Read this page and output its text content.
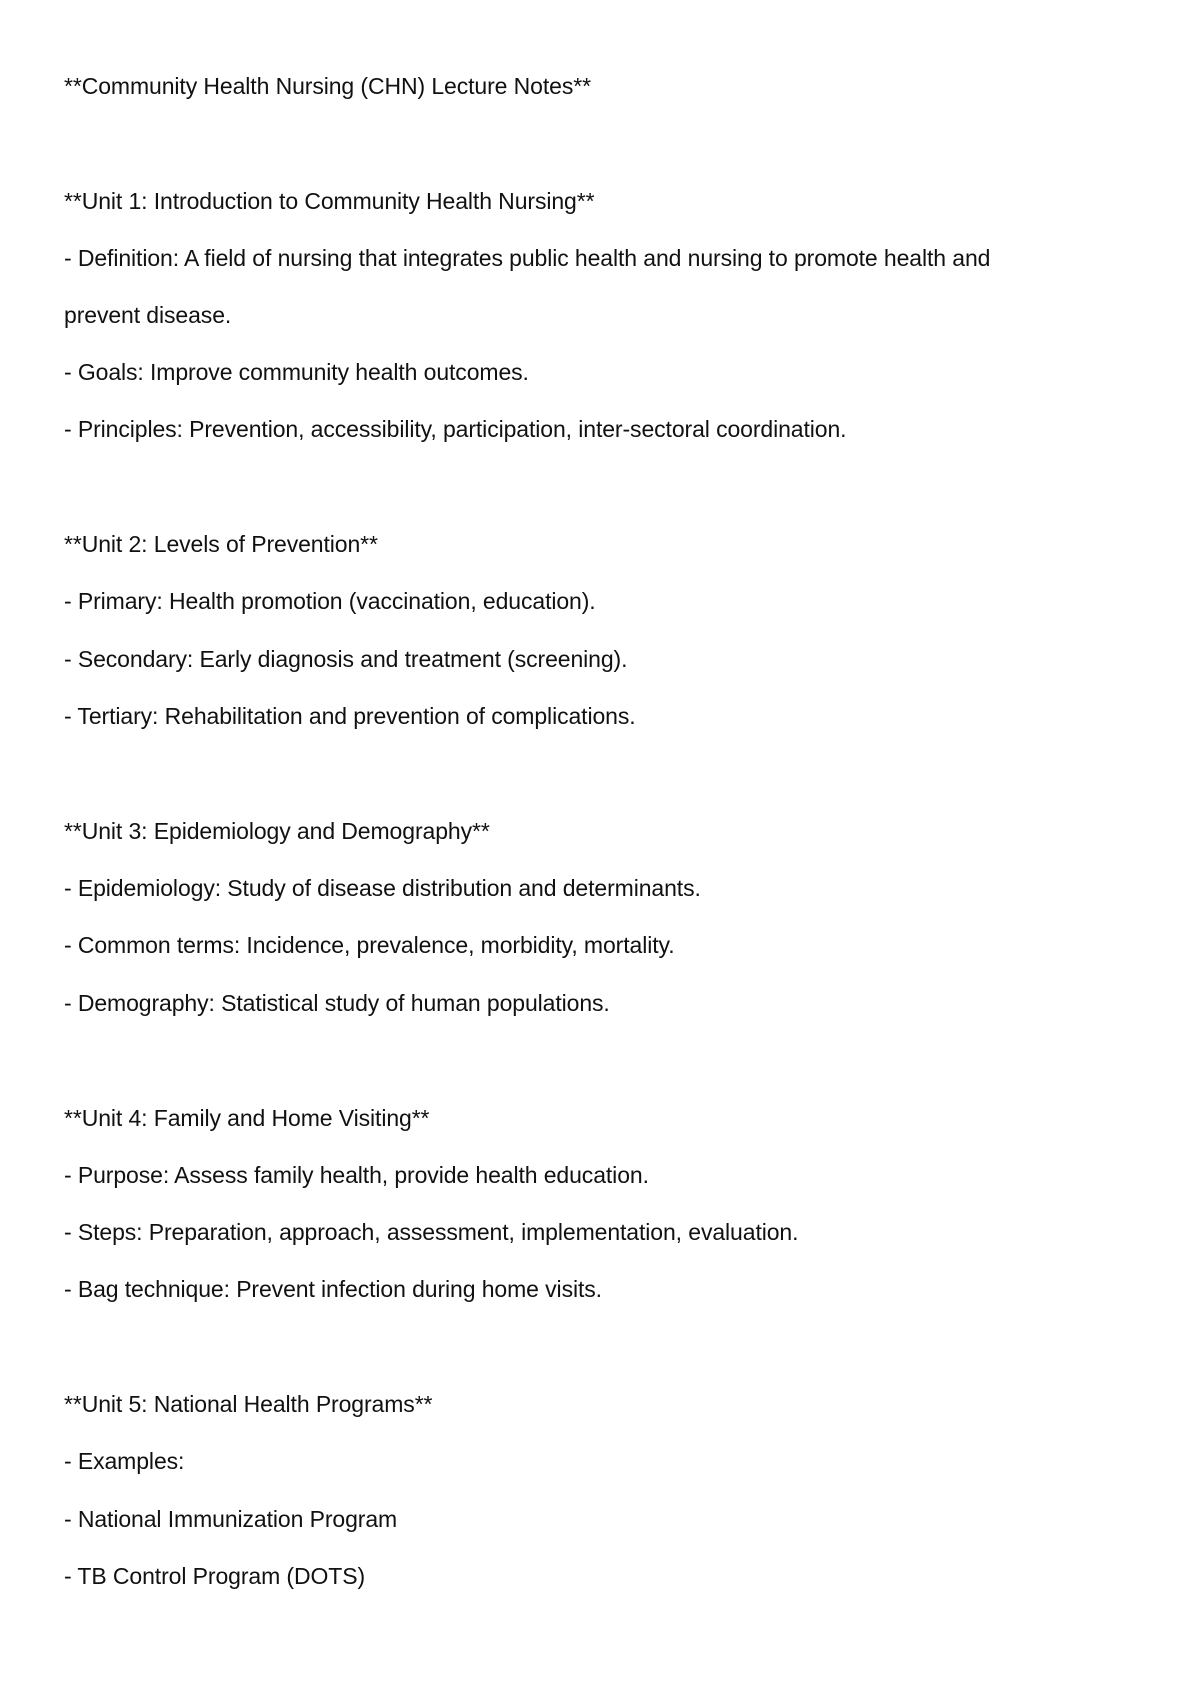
**Community Health Nursing (CHN) Lecture Notes**
**Unit 1: Introduction to Community Health Nursing**
- Definition: A field of nursing that integrates public health and nursing to promote health and
prevent disease.
- Goals: Improve community health outcomes.
- Principles: Prevention, accessibility, participation, inter-sectoral coordination.
**Unit 2: Levels of Prevention**
- Primary: Health promotion (vaccination, education).
- Secondary: Early diagnosis and treatment (screening).
- Tertiary: Rehabilitation and prevention of complications.
**Unit 3: Epidemiology and Demography**
- Epidemiology: Study of disease distribution and determinants.
- Common terms: Incidence, prevalence, morbidity, mortality.
- Demography: Statistical study of human populations.
**Unit 4: Family and Home Visiting**
- Purpose: Assess family health, provide health education.
- Steps: Preparation, approach, assessment, implementation, evaluation.
- Bag technique: Prevent infection during home visits.
**Unit 5: National Health Programs**
- Examples:
- National Immunization Program
- TB Control Program (DOTS)
